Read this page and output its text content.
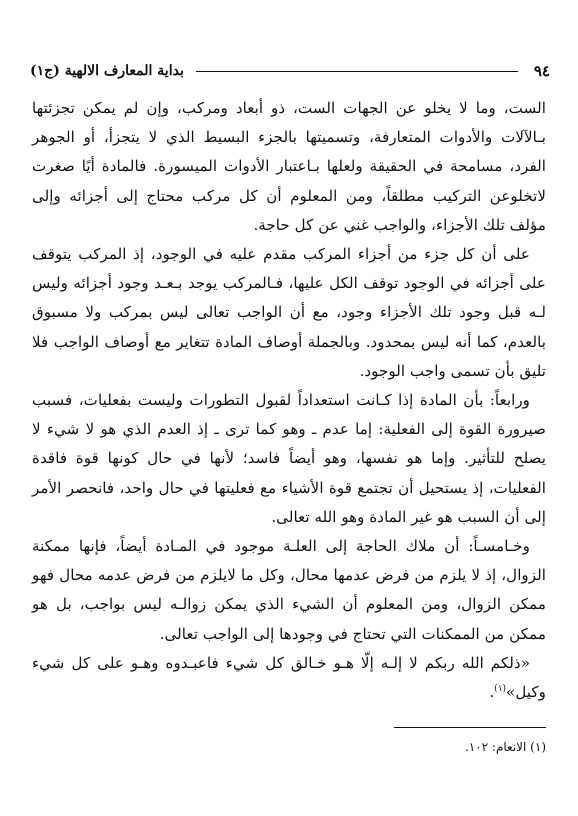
٩٤
بداية المعارف الالهية (ج١)

الست، وما لا يخلو عن الجهات الست، ذو أبعاد ومركب، وإن لم يمكن تجزئتها بـالآلات والأدوات المتعارفة، وتسميتها بالجزء البسيط الذي لا يتجزأ، أو الجوهر الفرد، مسامحة في الحقيقة ولعلها بـاعتبار الأدوات الميسورة. فالمادة أيًا صغرت لاتخلوعن التركيب مطلقاً، ومن المعلوم أن كل مركب محتاج إلى أجزائه وإلى مؤلف تلك الأجزاء، والواجب غني عن كل حاجة.

على أن كل جزء من أجزاء المركب مقدم عليه في الوجود، إذ المركب يتوقف على أجزائه في الوجود توقف الكل عليها، فـالمركب يوجد بـعـد وجود أجزائه وليس لـه قبل وجود تلك الأجزاء وجود، مع أن الواجب تعالى ليس بمركب ولا مسبوق بالعدم، كما أنه ليس بمحدود. وبالجملة أوصاف المادة تتغاير مع أوصاف الواجب فلا تليق بأن تسمى واجب الوجود.

ورابعاً: بأن المادة إذا كـانت استعداداً لقبول التطورات وليست بفعليات، فسبب صيرورة القوة إلى الفعلية: إما عدم ـ وهو كما ترى ـ إذ العدم الذي هو لا شيء لا يصلح للتأثير. وإما هو نفسها، وهو أيضاً فاسد؛ لأنها في حال كونها قوة فاقدة الفعليات، إذ يستحيل أن تجتمع قوة الأشياء مع فعليتها في حال واحد، فانحصر الأمر إلى أن السبب هو غير المادة وهو الله تعالى.

وخـامسـاً: أن ملاك الحاجة إلى العلـة موجود في المـادة أيضاً، فإنها ممكنة الزوال، إذ لا يلزم من فرض عدمها محال، وكل ما لايلزم من فرض عدمه محال فهو ممكن الزوال، ومن المعلوم أن الشيء الذي يمكن زوالـه ليس بواجب، بل هو ممكن من الممكنات التي تحتاج في وجودها إلى الواجب تعالى.

«ذلكم الله ربكم لا إلـه إلّا هـو خـالق كل شيء فاعبـدوه وهـو على كل شيء وكيل»$^{(١)}$.

(١) الانعام: ١٠٢.
